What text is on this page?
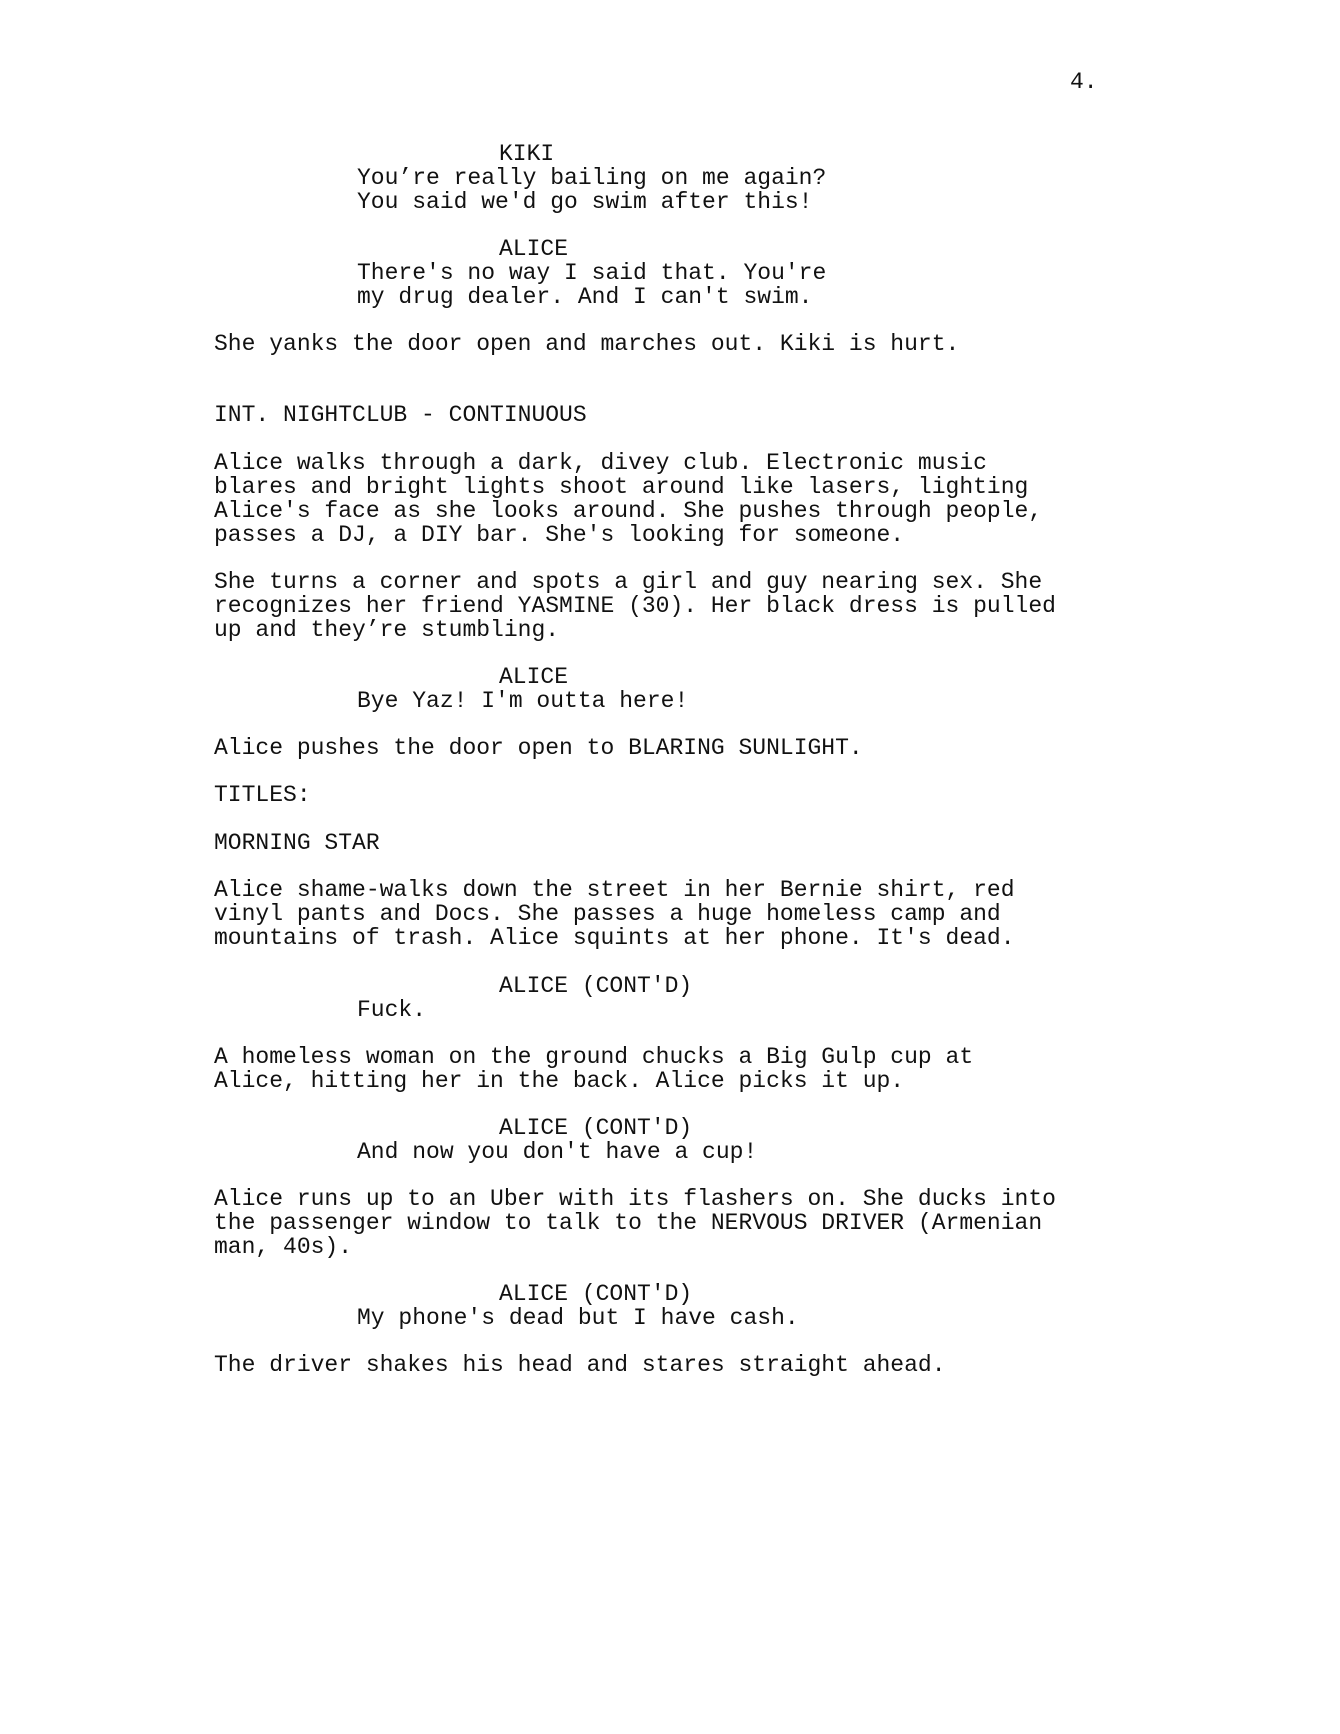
4.
KIKI
You’re really bailing on me again?
You said we'd go swim after this!
ALICE
There's no way I said that. You're
my drug dealer. And I can't swim.
She yanks the door open and marches out. Kiki is hurt.
INT. NIGHTCLUB - CONTINUOUS
Alice walks through a dark, divey club. Electronic music
blares and bright lights shoot around like lasers, lighting
Alice's face as she looks around. She pushes through people,
passes a DJ, a DIY bar. She's looking for someone.
She turns a corner and spots a girl and guy nearing sex. She
recognizes her friend YASMINE (30). Her black dress is pulled
up and they’re stumbling.
ALICE
Bye Yaz! I'm outta here!
Alice pushes the door open to BLARING SUNLIGHT.
TITLES:
MORNING STAR
Alice shame-walks down the street in her Bernie shirt, red
vinyl pants and Docs. She passes a huge homeless camp and
mountains of trash. Alice squints at her phone. It's dead.
ALICE (CONT'D)
Fuck.
A homeless woman on the ground chucks a Big Gulp cup at
Alice, hitting her in the back. Alice picks it up.
ALICE (CONT'D)
And now you don't have a cup!
Alice runs up to an Uber with its flashers on. She ducks into
the passenger window to talk to the NERVOUS DRIVER (Armenian
man, 40s).
ALICE (CONT'D)
My phone's dead but I have cash.
The driver shakes his head and stares straight ahead.
